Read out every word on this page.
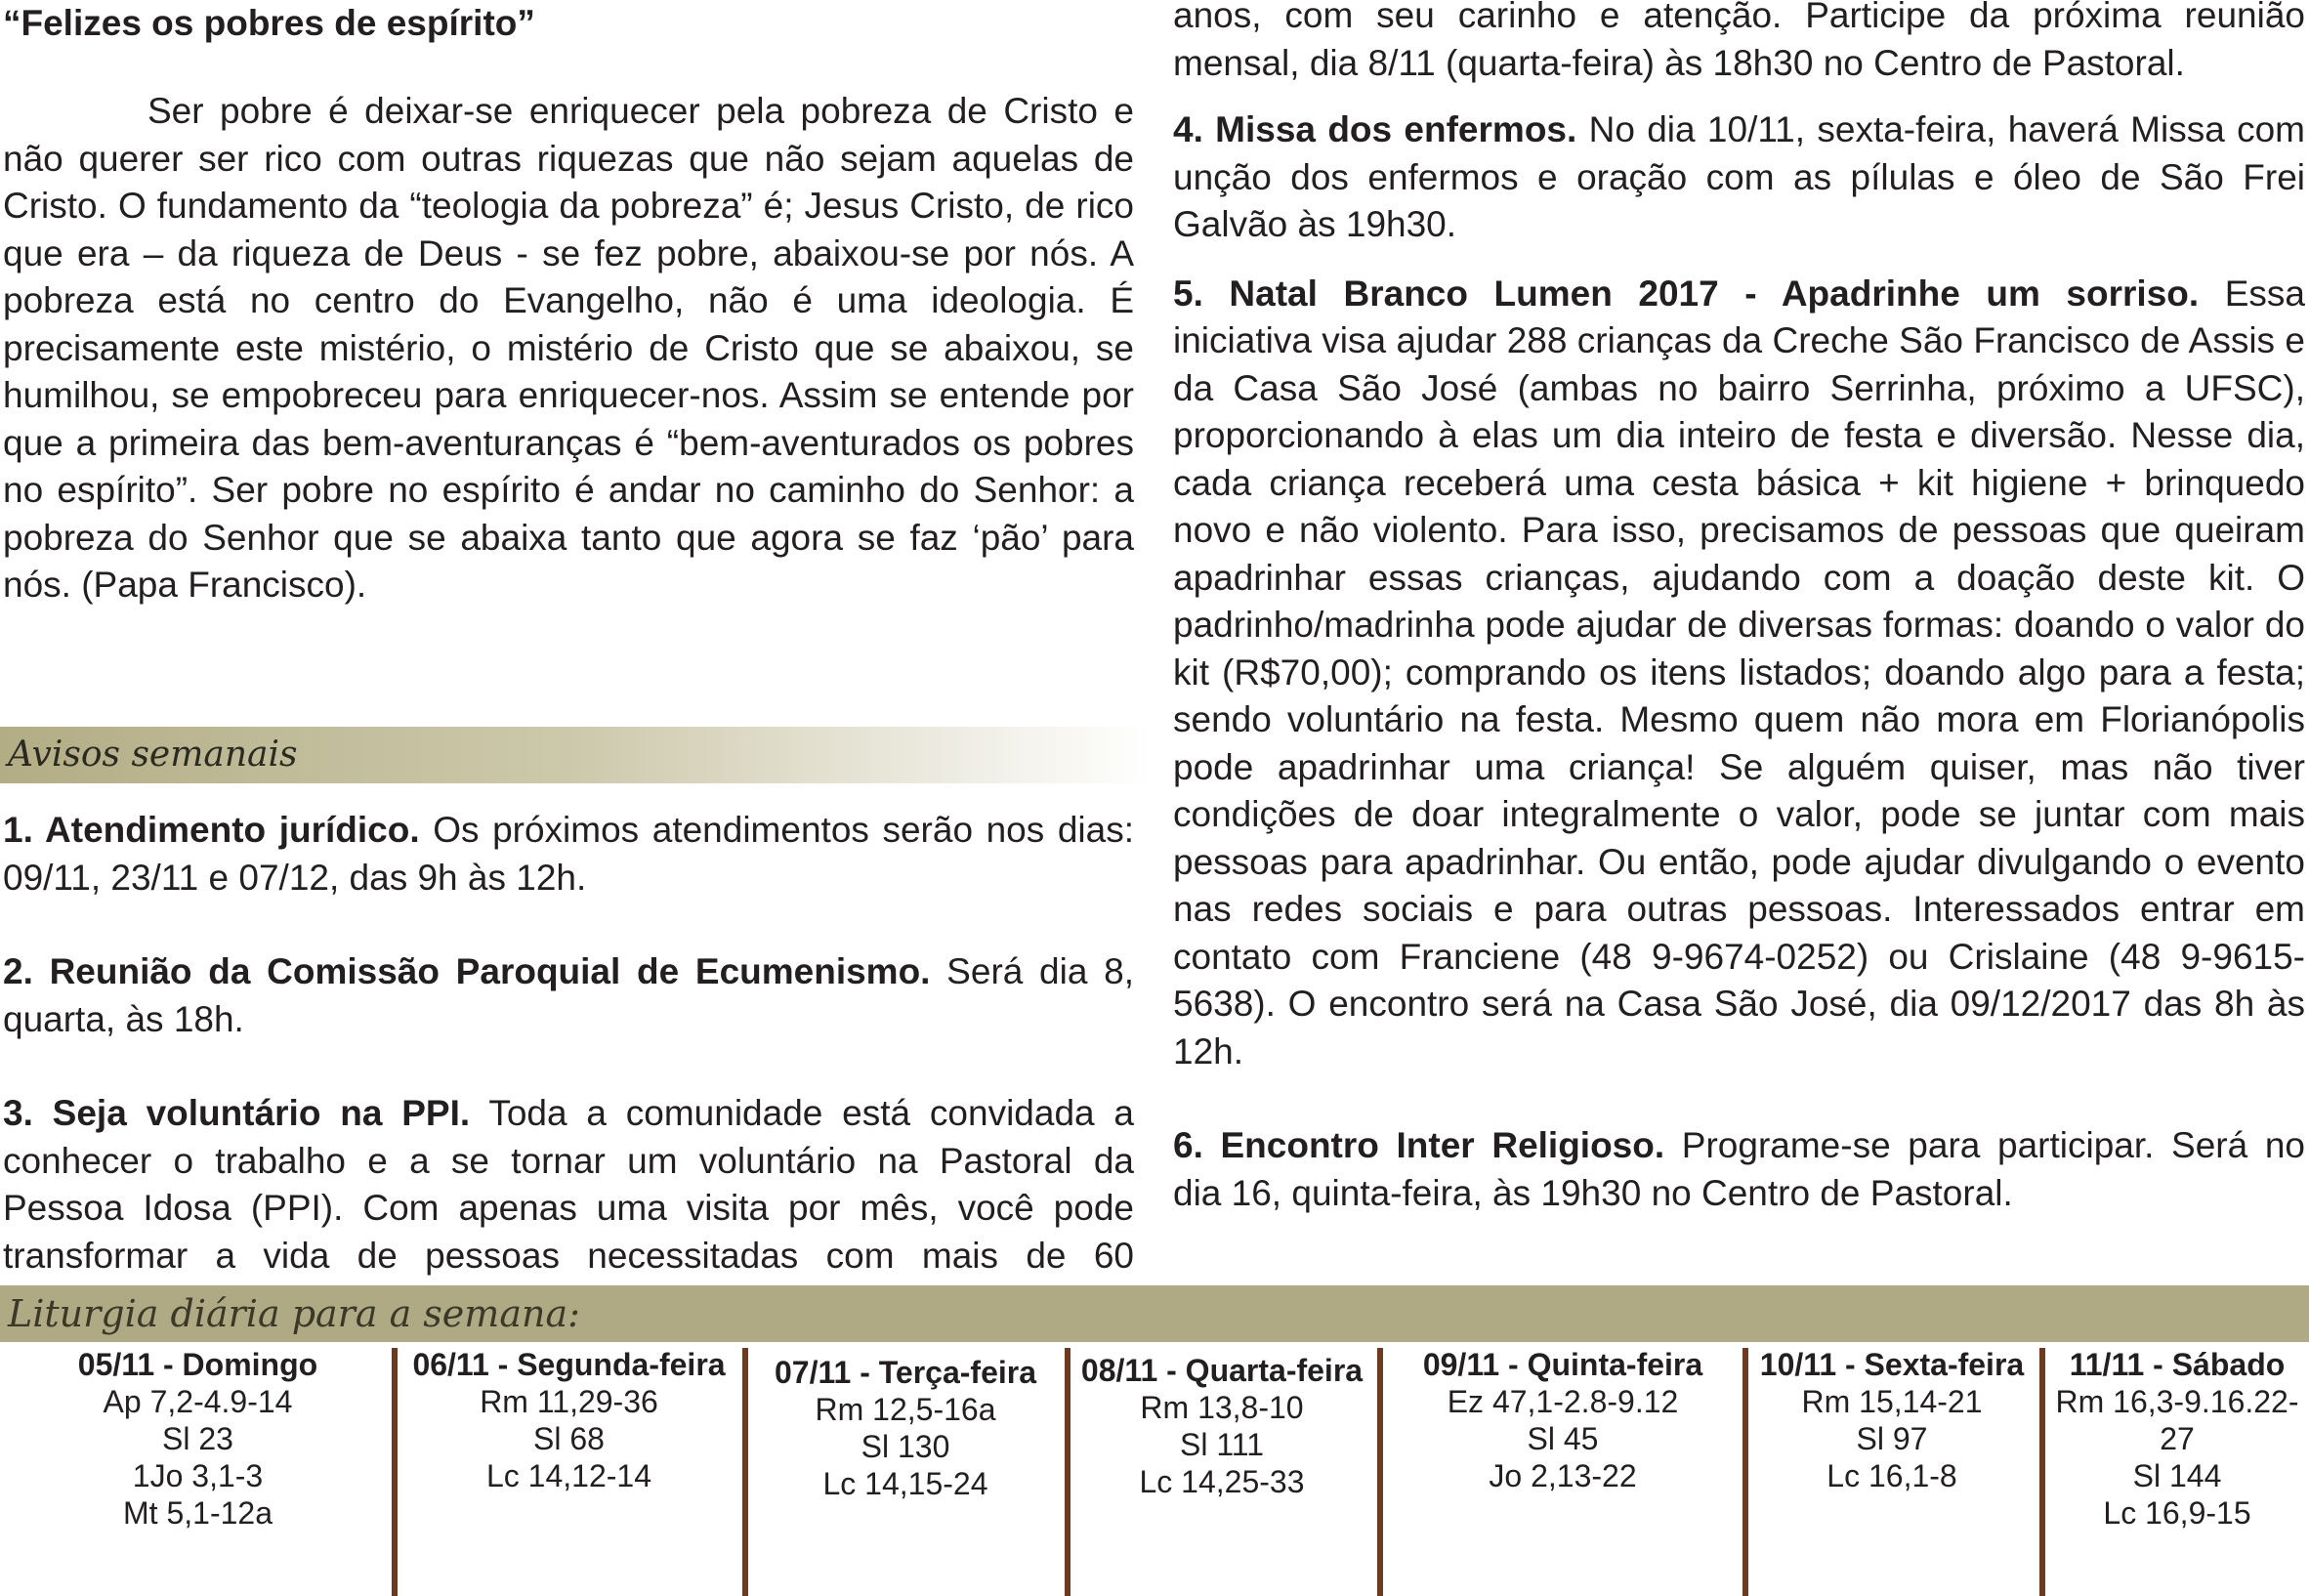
“Felizes os pobres de espírito”

Ser pobre é deixar-se enriquecer pela pobreza de Cristo e não querer ser rico com outras riquezas que não sejam aquelas de Cristo. O fundamento da “teologia da pobreza” é; Jesus Cristo, de rico que era – da riqueza de Deus - se fez pobre, abaixou-se por nós. A pobreza está no centro do Evangelho, não é uma ideologia. É precisamente este mistério, o mistério de Cristo que se abaixou, se humilhou, se empobreceu para enriquecer-nos. Assim se entende por que a primeira das bem-aventuranças é “bem-aventurados os pobres no espírito”. Ser pobre no espírito é andar no caminho do Senhor: a pobreza do Senhor que se abaixa tanto que agora se faz ‘pão’ para nós. (Papa Francisco).

Avisos semanais

1. Atendimento jurídico. Os próximos atendimentos serão nos dias: 09/11, 23/11 e 07/12, das 9h às 12h.

2. Reunião da Comissão Paroquial de Ecumenismo. Será dia 8, quarta, às 18h.

3. Seja voluntário na PPI. Toda a comunidade está convidada a conhecer o trabalho e a se tornar um voluntário na Pastoral da Pessoa Idosa (PPI). Com apenas uma visita por mês, você pode transformar a vida de pessoas necessitadas com mais de 60

anos, com seu carinho e atenção. Participe da próxima reunião mensal, dia 8/11 (quarta-feira) às 18h30 no Centro de Pastoral.

4. Missa dos enfermos. No dia 10/11, sexta-feira, haverá Missa com unção dos enfermos e oração com as pílulas e óleo de São Frei Galvão às 19h30.

5. Natal Branco Lumen 2017 - Apadrinhe um sorriso. Essa iniciativa visa ajudar 288 crianças da Creche São Francisco de Assis e da Casa São José (ambas no bairro Serrinha, próximo a UFSC), proporcionando à elas um dia inteiro de festa e diversão. Nesse dia, cada criança receberá uma cesta básica + kit higiene + brinquedo novo e não violento. Para isso, precisamos de pessoas que queiram apadrinhar essas crianças, ajudando com a doação deste kit. O padrinho/madrinha pode ajudar de diversas formas: doando o valor do kit (R$70,00); comprando os itens listados; doando algo para a festa; sendo voluntário na festa. Mesmo quem não mora em Florianópolis pode apadrinhar uma criança! Se alguém quiser, mas não tiver condições de doar integralmente o valor, pode se juntar com mais pessoas para apadrinhar. Ou então, pode ajudar divulgando o evento nas redes sociais e para outras pessoas. Interessados entrar em contato com Franciene (48 9-9674-0252) ou Crislaine (48 9-9615-5638). O encontro será na Casa São José, dia 09/12/2017 das 8h às 12h.

6. Encontro Inter Religioso. Programe-se para participar. Será no dia 16, quinta-feira, às 19h30 no Centro de Pastoral.

Liturgia diária para a semana:
05/11 - Domingo
Ap 7,2-4.9-14
Sl 23
1Jo 3,1-3
Mt 5,1-12a
06/11 - Segunda-feira
Rm 11,29-36
Sl 68
Lc 14,12-14
07/11 - Terça-feira
Rm 12,5-16a
Sl 130
Lc 14,15-24
08/11 - Quarta-feira
Rm 13,8-10
Sl 111
Lc 14,25-33
09/11 - Quinta-feira
Ez 47,1-2.8-9.12
Sl 45
Jo 2,13-22
10/11 - Sexta-feira
Rm 15,14-21
Sl 97
Lc 16,1-8
11/11 - Sábado
Rm 16,3-9.16.22-
27
Sl 144
Lc 16,9-15
